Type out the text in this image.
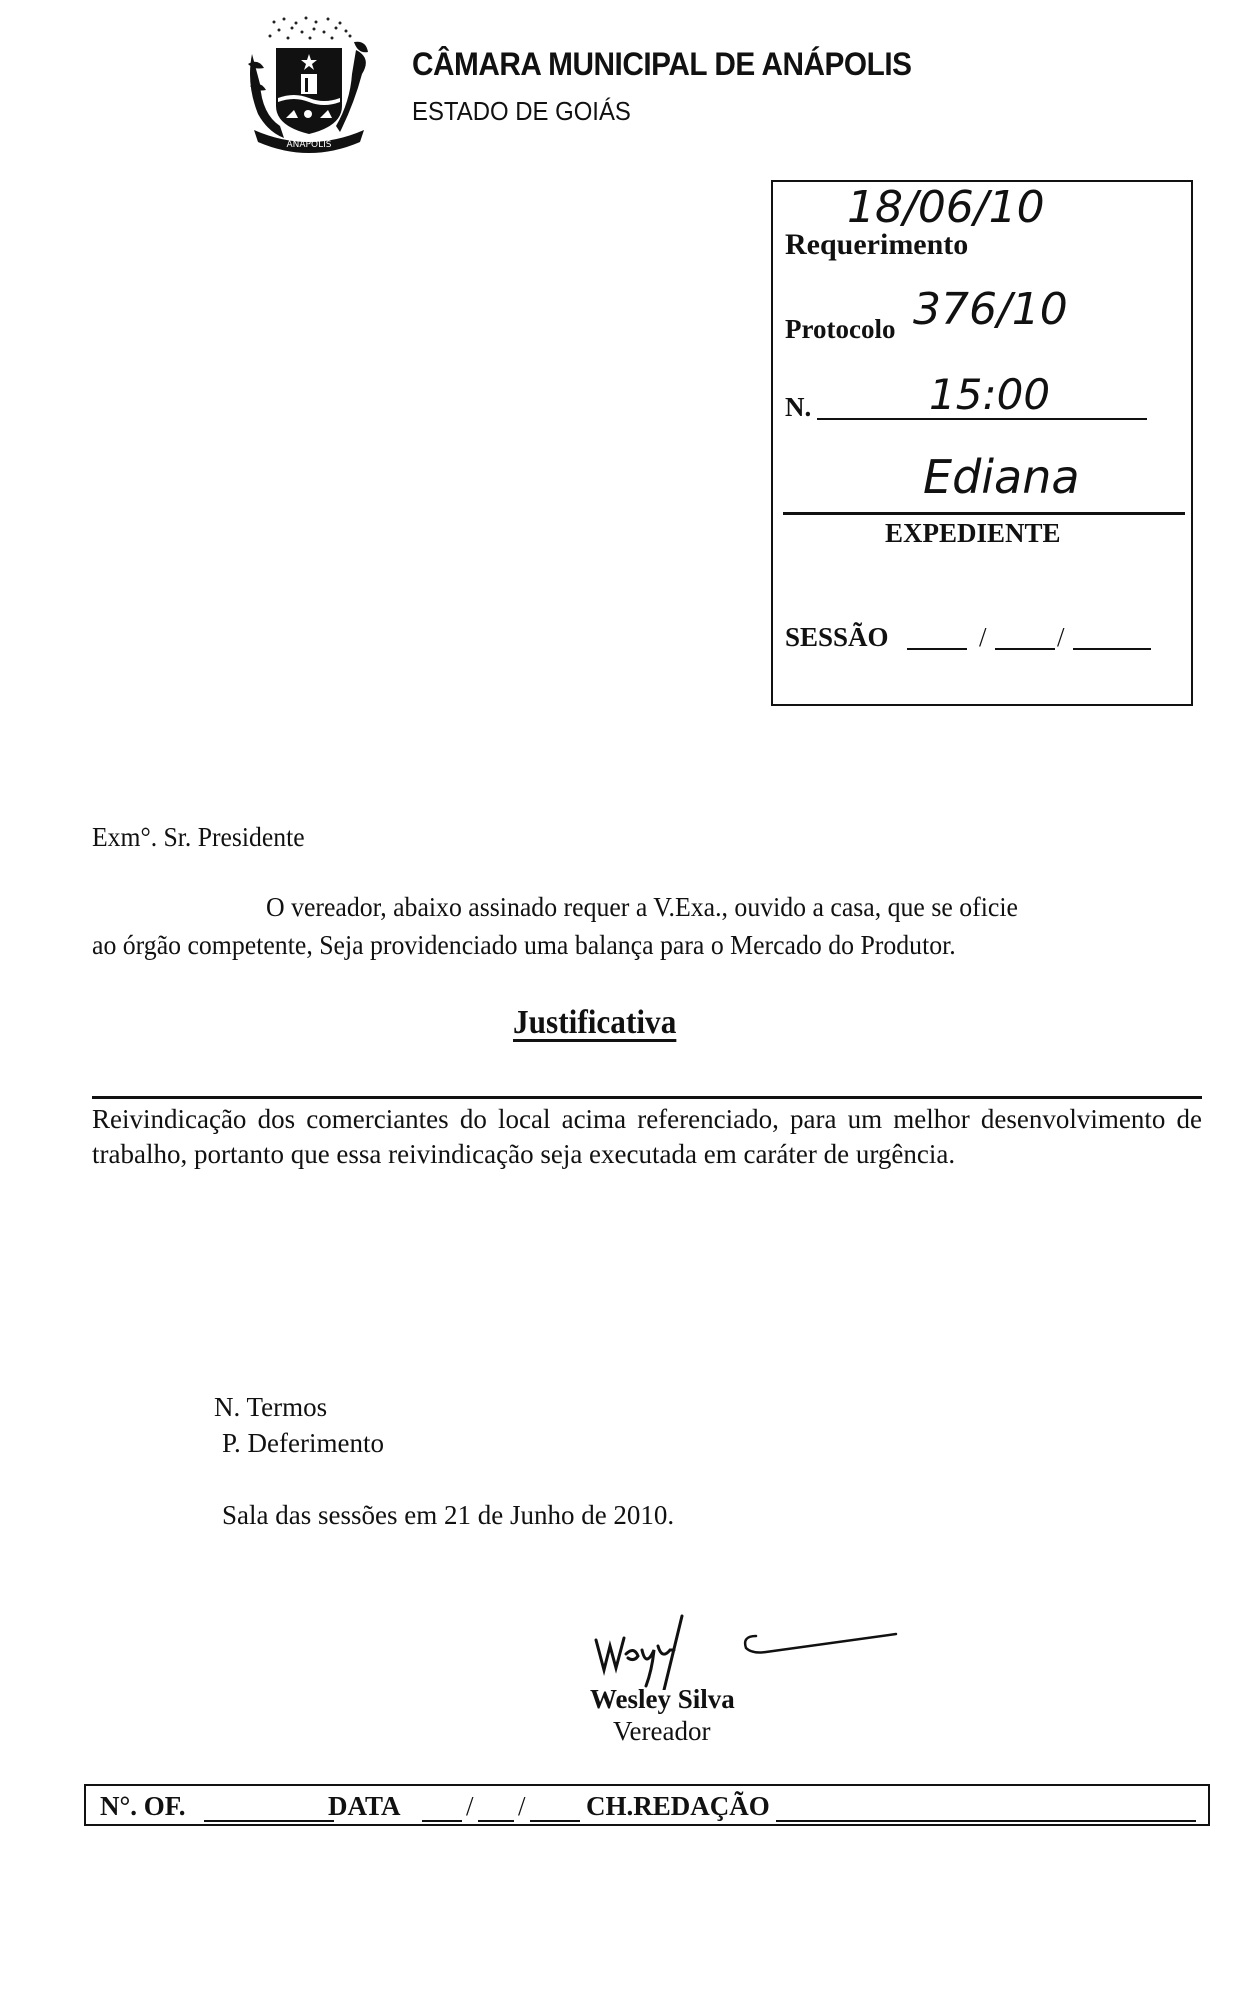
ANÁPOLIS
CÂMARA MUNICIPAL DE ANÁPOLIS
ESTADO DE GOIÁS
18/06/10
Requerimento
Protocolo 376/10
N.	15:00
Ediana
EXPEDIENTE
SESSÃO	/	/
Exm°. Sr. Presidente
O vereador, abaixo assinado requer a V.Exa., ouvido a casa, que se oficie
ao órgão competente, Seja providenciado uma balança para o Mercado do Produtor.
Justificativa
Reivindicação dos comerciantes do local acima referenciado, para um melhor desenvolvimento de trabalho, portanto que essa reivindicação seja executada em caráter de urgência.
N. Termos
P. Deferimento
Sala das sessões em 21 de Junho de 2010.
Wesley Silva
Vereador
N°. OF.	DATA / / CH.REDAÇÃO
